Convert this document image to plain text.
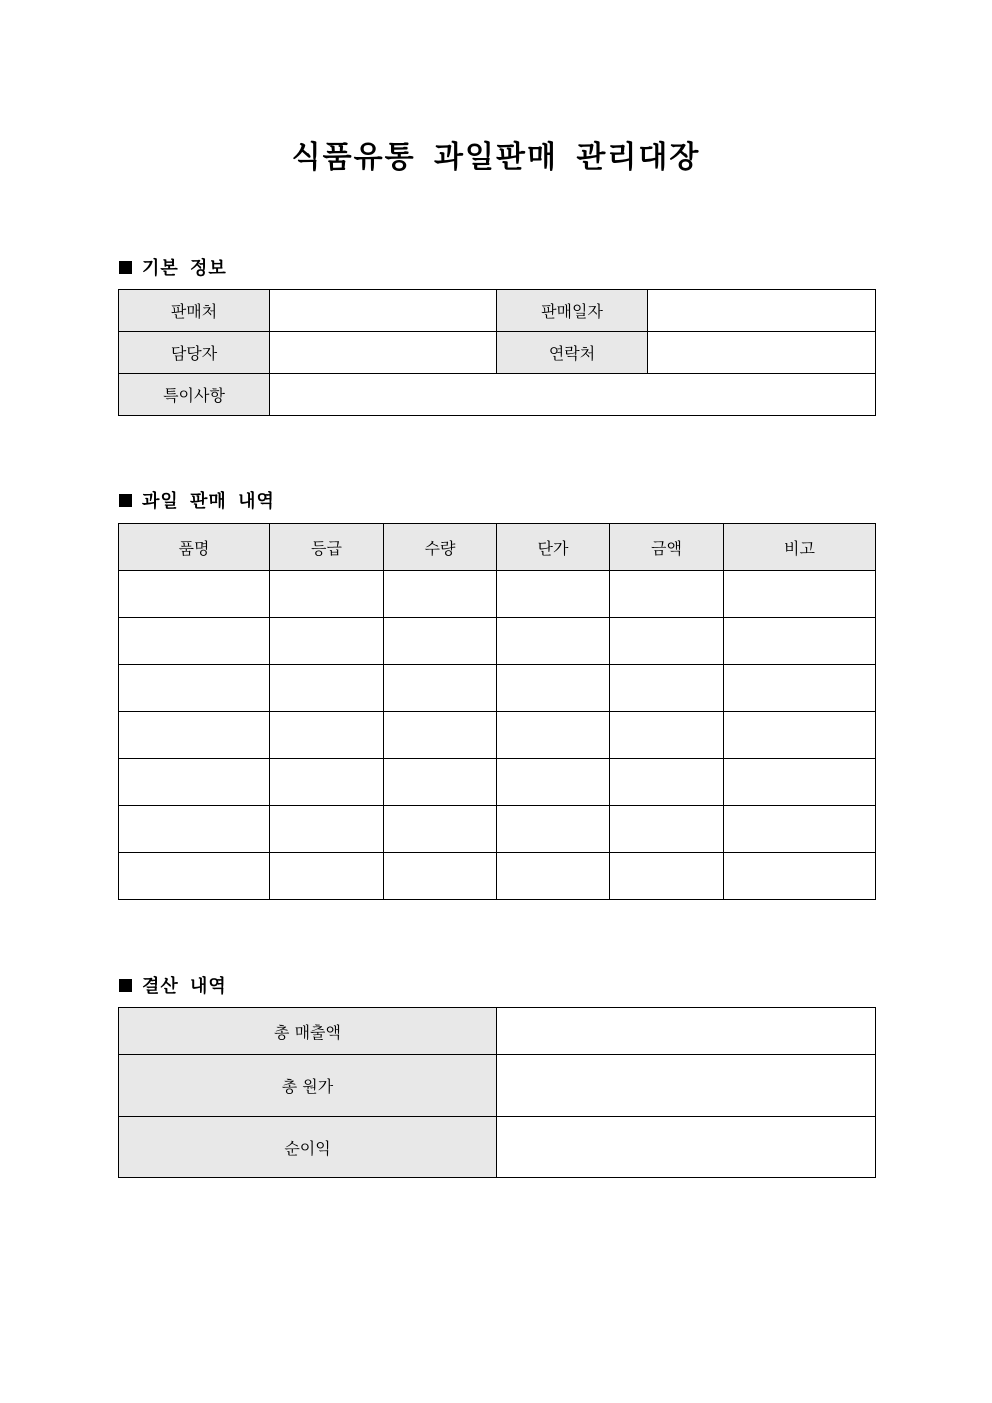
식품유통 과일판매 관리대장
기본 정보
판매처		판매일자	
담당자		연락처	
특이사항			
과일 판매 내역
품명	등급	수량	단가	금액	비고

결산 내역
총 매출액	
총 원가	
순이익	
